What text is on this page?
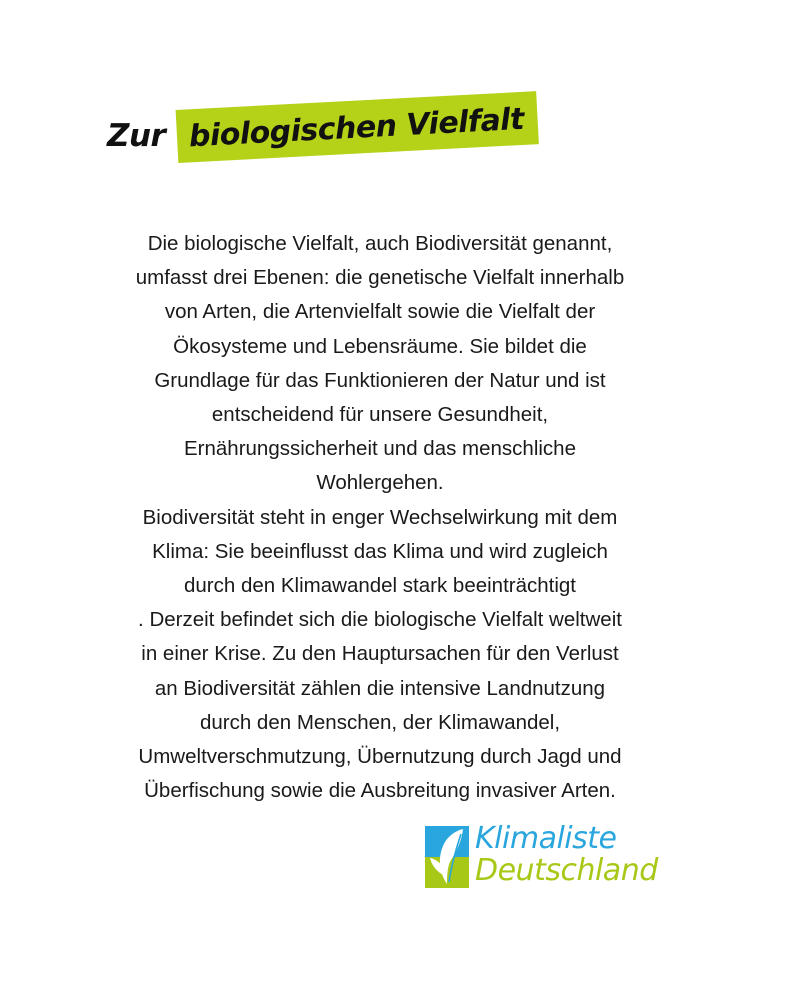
Zur biologischen Vielfalt
Die biologische Vielfalt, auch Biodiversität genannt,
umfasst drei Ebenen: die genetische Vielfalt innerhalb
von Arten, die Artenvielfalt sowie die Vielfalt der
Ökosysteme und Lebensräume. Sie bildet die
Grundlage für das Funktionieren der Natur und ist
entscheidend für unsere Gesundheit,
Ernährungssicherheit und das menschliche
Wohlergehen.
Biodiversität steht in enger Wechselwirkung mit dem
Klima: Sie beeinflusst das Klima und wird zugleich
durch den Klimawandel stark beeinträchtigt
. Derzeit befindet sich die biologische Vielfalt weltweit
in einer Krise. Zu den Hauptursachen für den Verlust
an Biodiversität zählen die intensive Landnutzung
durch den Menschen, der Klimawandel,
Umweltverschmutzung, Übernutzung durch Jagd und
Überfischung sowie die Ausbreitung invasiver Arten.
Klimaliste
Deutschland
